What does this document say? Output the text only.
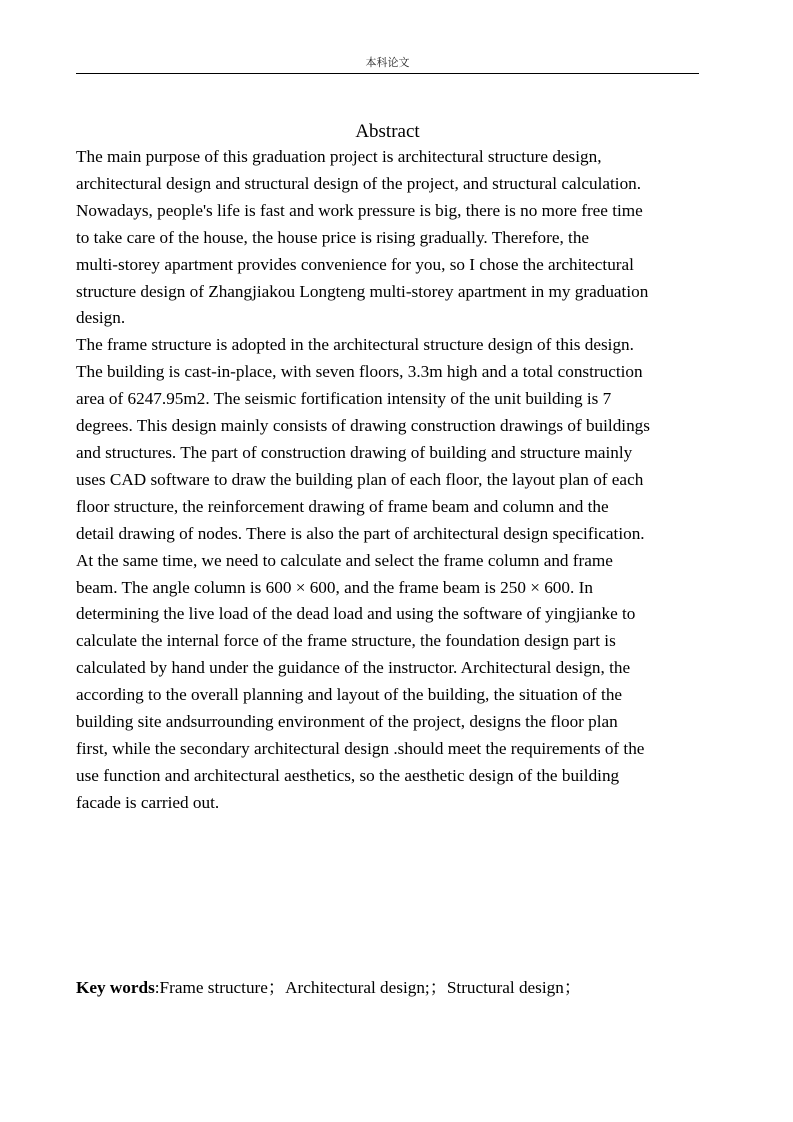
本科论文
Abstract
The main purpose of this graduation project is architectural structure design,
architectural design and structural design of the project, and structural calculation.
Nowadays, people's life is fast and work pressure is big, there is no more free time
to take care of the house, the house price is rising gradually. Therefore, the
multi-storey apartment provides convenience for you, so I chose the architectural
structure design of Zhangjiakou Longteng multi-storey apartment in my graduation
design.
The frame structure is adopted in the architectural structure design of this design.
The building is cast-in-place, with seven floors, 3.3m high and a total construction
area of 6247.95m2. The seismic fortification intensity of the unit building is 7
degrees. This design mainly consists of drawing construction drawings of buildings
and structures. The part of construction drawing of building and structure mainly
uses CAD software to draw the building plan of each floor, the layout plan of each
floor structure, the reinforcement drawing of frame beam and column and the
detail drawing of nodes. There is also the part of architectural design specification.
At the same time, we need to calculate and select the frame column and frame
beam. The angle column is 600 × 600, and the frame beam is 250 × 600. In
determining the live load of the dead load and using the software of yingjianke to
calculate the internal force of the frame structure, the foundation design part is
calculated by hand under the guidance of the instructor. Architectural design, the
according to the overall planning and layout of the building, the situation of the
building site andsurrounding environment of the project, designs the floor plan
first, while the secondary architectural design .should meet the requirements of the
use function and architectural aesthetics, so the aesthetic design of the building
facade is carried out.
Key words:Frame structure；Architectural design;；Structural design；
